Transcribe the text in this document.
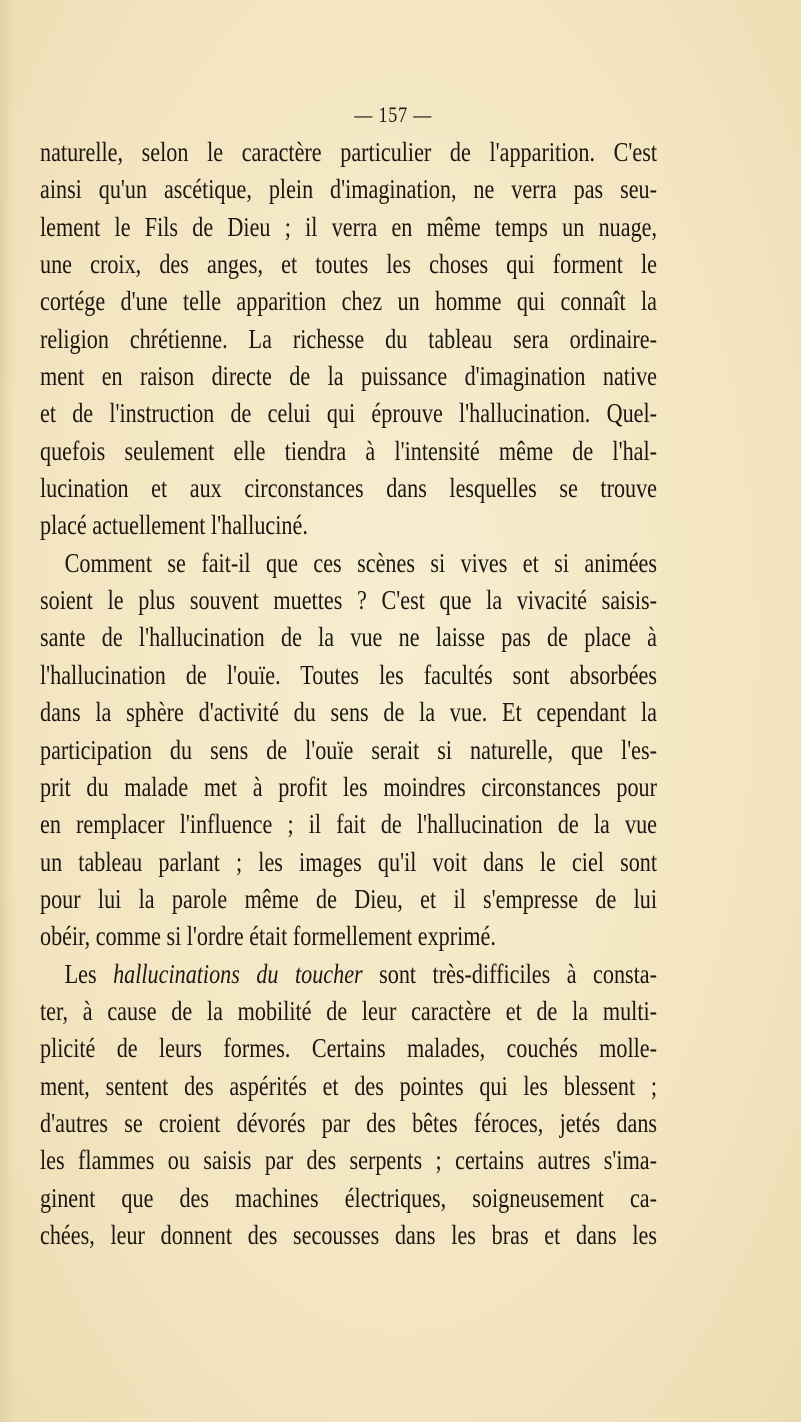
— 157 —
naturelle, selon le caractère particulier de l'apparition. C'est
ainsi qu'un ascétique, plein d'imagination, ne verra pas seu-
lement le Fils de Dieu ; il verra en même temps un nuage,
une croix, des anges, et toutes les choses qui forment le
cortége d'une telle apparition chez un homme qui connaît la
religion chrétienne. La richesse du tableau sera ordinaire-
ment en raison directe de la puissance d'imagination native
et de l'instruction de celui qui éprouve l'hallucination. Quel-
quefois seulement elle tiendra à l'intensité même de l'hal-
lucination et aux circonstances dans lesquelles se trouve
placé actuellement l'halluciné.
Comment se fait-il que ces scènes si vives et si animées
soient le plus souvent muettes ? C'est que la vivacité saisis-
sante de l'hallucination de la vue ne laisse pas de place à
l'hallucination de l'ouïe. Toutes les facultés sont absorbées
dans la sphère d'activité du sens de la vue. Et cependant la
participation du sens de l'ouïe serait si naturelle, que l'es-
prit du malade met à profit les moindres circonstances pour
en remplacer l'influence ; il fait de l'hallucination de la vue
un tableau parlant ; les images qu'il voit dans le ciel sont
pour lui la parole même de Dieu, et il s'empresse de lui
obéir, comme si l'ordre était formellement exprimé.
Les hallucinations du toucher sont très-difficiles à consta-
ter, à cause de la mobilité de leur caractère et de la multi-
plicité de leurs formes. Certains malades, couchés molle-
ment, sentent des aspérités et des pointes qui les blessent ;
d'autres se croient dévorés par des bêtes féroces, jetés dans
les flammes ou saisis par des serpents ; certains autres s'ima-
ginent que des machines électriques, soigneusement ca-
chées, leur donnent des secousses dans les bras et dans les
